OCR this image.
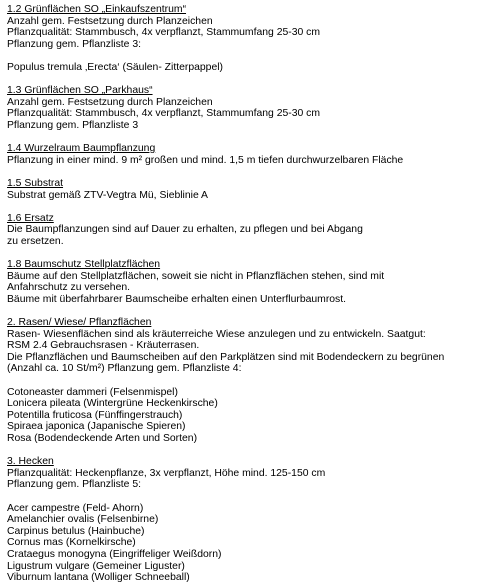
1.2 Grünflächen SO „Einkaufszentrum“
Anzahl gem. Festsetzung durch Planzeichen
Pflanzqualität: Stammbusch, 4x verpflanzt, Stammumfang 25-30 cm
Pflanzung gem. Pflanzliste 3:
Populus tremula ‚Erecta‘ (Säulen- Zitterpappel)
1.3 Grünflächen SO „Parkhaus“
Anzahl gem. Festsetzung durch Planzeichen
Pflanzqualität: Stammbusch, 4x verpflanzt, Stammumfang 25-30 cm
Pflanzung gem. Pflanzliste 3
1.4 Wurzelraum Baumpflanzung
Pflanzung in einer mind. 9 m² großen und mind. 1,5 m tiefen durchwurzelbaren Fläche
1.5 Substrat
Substrat gemäß ZTV-Vegtra Mü, Sieblinie A
1.6 Ersatz
Die Baumpflanzungen sind auf Dauer zu erhalten, zu pflegen und bei Abgang
zu ersetzen.
1.8 Baumschutz Stellplatzflächen
Bäume auf den Stellplatzflächen, soweit sie nicht in Pflanzflächen stehen, sind mit
Anfahrschutz zu versehen.
Bäume mit überfahrbarer Baumscheibe erhalten einen Unterflurbaumrost.
2. Rasen/ Wiese/ Pflanzflächen
Rasen- Wiesenflächen sind als kräuterreiche Wiese anzulegen und zu entwickeln. Saatgut:
RSM 2.4 Gebrauchsrasen - Kräuterrasen.
Die Pflanzflächen und Baumscheiben auf den Parkplätzen sind mit Bodendeckern zu begrünen
(Anzahl ca. 10 St/m²) Pflanzung gem. Pflanzliste 4:
Cotoneaster dammeri (Felsenmispel)
Lonicera pileata (Wintergrüne Heckenkirsche)
Potentilla fruticosa (Fünffingerstrauch)
Spiraea japonica (Japanische Spieren)
Rosa (Bodendeckende Arten und Sorten)
3. Hecken
Pflanzqualität: Heckenpflanze, 3x verpflanzt, Höhe mind. 125-150 cm
Pflanzung gem. Pflanzliste 5:
Acer campestre (Feld- Ahorn)
Amelanchier ovalis (Felsenbirne)
Carpinus betulus (Hainbuche)
Cornus mas (Kornelkirsche)
Crataegus monogyna (Eingriffeliger Weißdorn)
Ligustrum vulgare (Gemeiner Liguster)
Viburnum lantana (Wolliger Schneeball)
